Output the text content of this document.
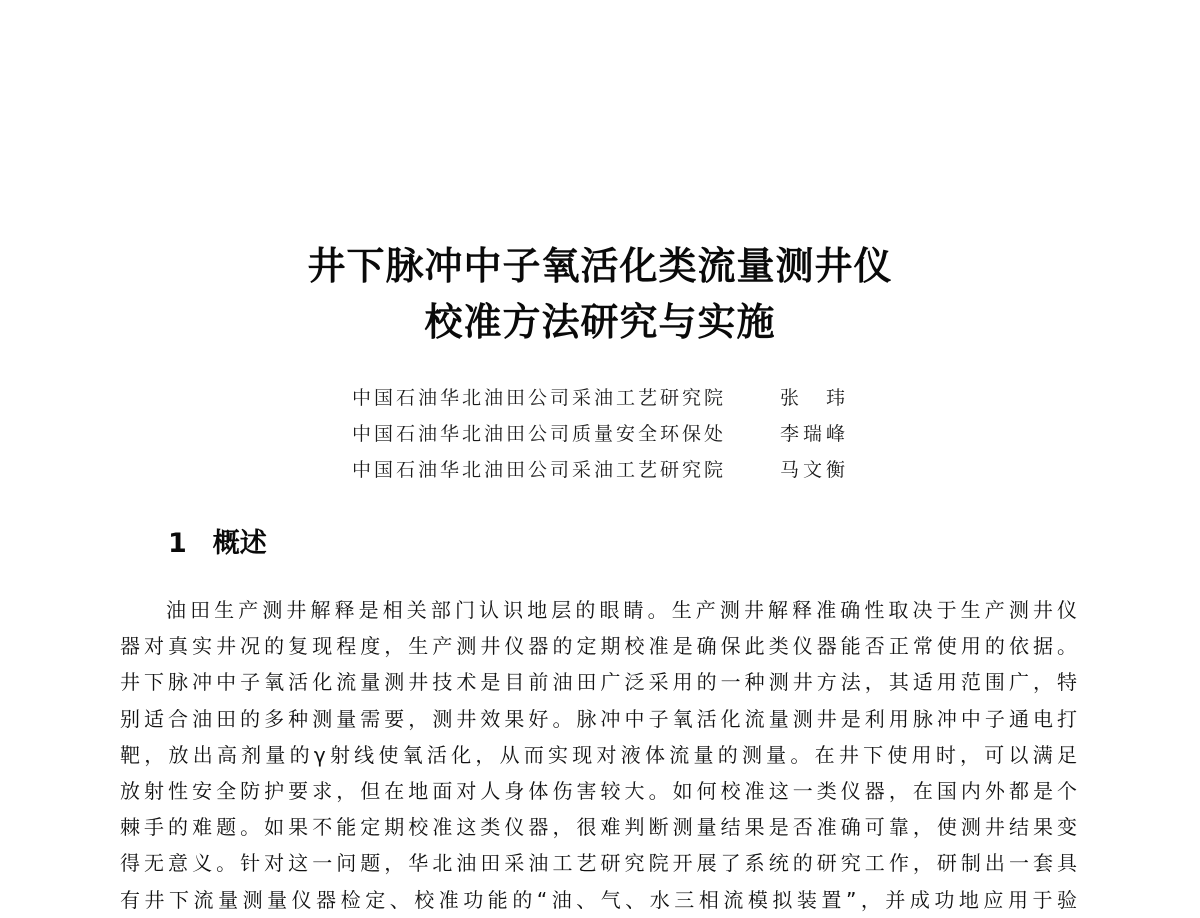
井下脉冲中子氧活化类流量测井仪
校准方法研究与实施
中国石油华北油田公司采油工艺研究院	张　玮
中国石油华北油田公司质量安全环保处	李瑞峰
中国石油华北油田公司采油工艺研究院	马文衡
1 概述
油田生产测井解释是相关部门认识地层的眼睛。生产测井解释准确性取决于生产测井仪
器对真实井况的复现程度，生产测井仪器的定期校准是确保此类仪器能否正常使用的依据。
井下脉冲中子氧活化流量测井技术是目前油田广泛采用的一种测井方法，其适用范围广，特
别适合油田的多种测量需要，测井效果好。脉冲中子氧活化流量测井是利用脉冲中子通电打
靶，放出高剂量的γ射线使氧活化，从而实现对液体流量的测量。在井下使用时，可以满足
放射性安全防护要求，但在地面对人身体伤害较大。如何校准这一类仪器，在国内外都是个
棘手的难题。如果不能定期校准这类仪器，很难判断测量结果是否准确可靠，使测井结果变
得无意义。针对这一问题，华北油田采油工艺研究院开展了系统的研究工作，研制出一套具
有井下流量测量仪器检定、校准功能的“油、气、水三相流模拟装置”，并成功地应用于验
